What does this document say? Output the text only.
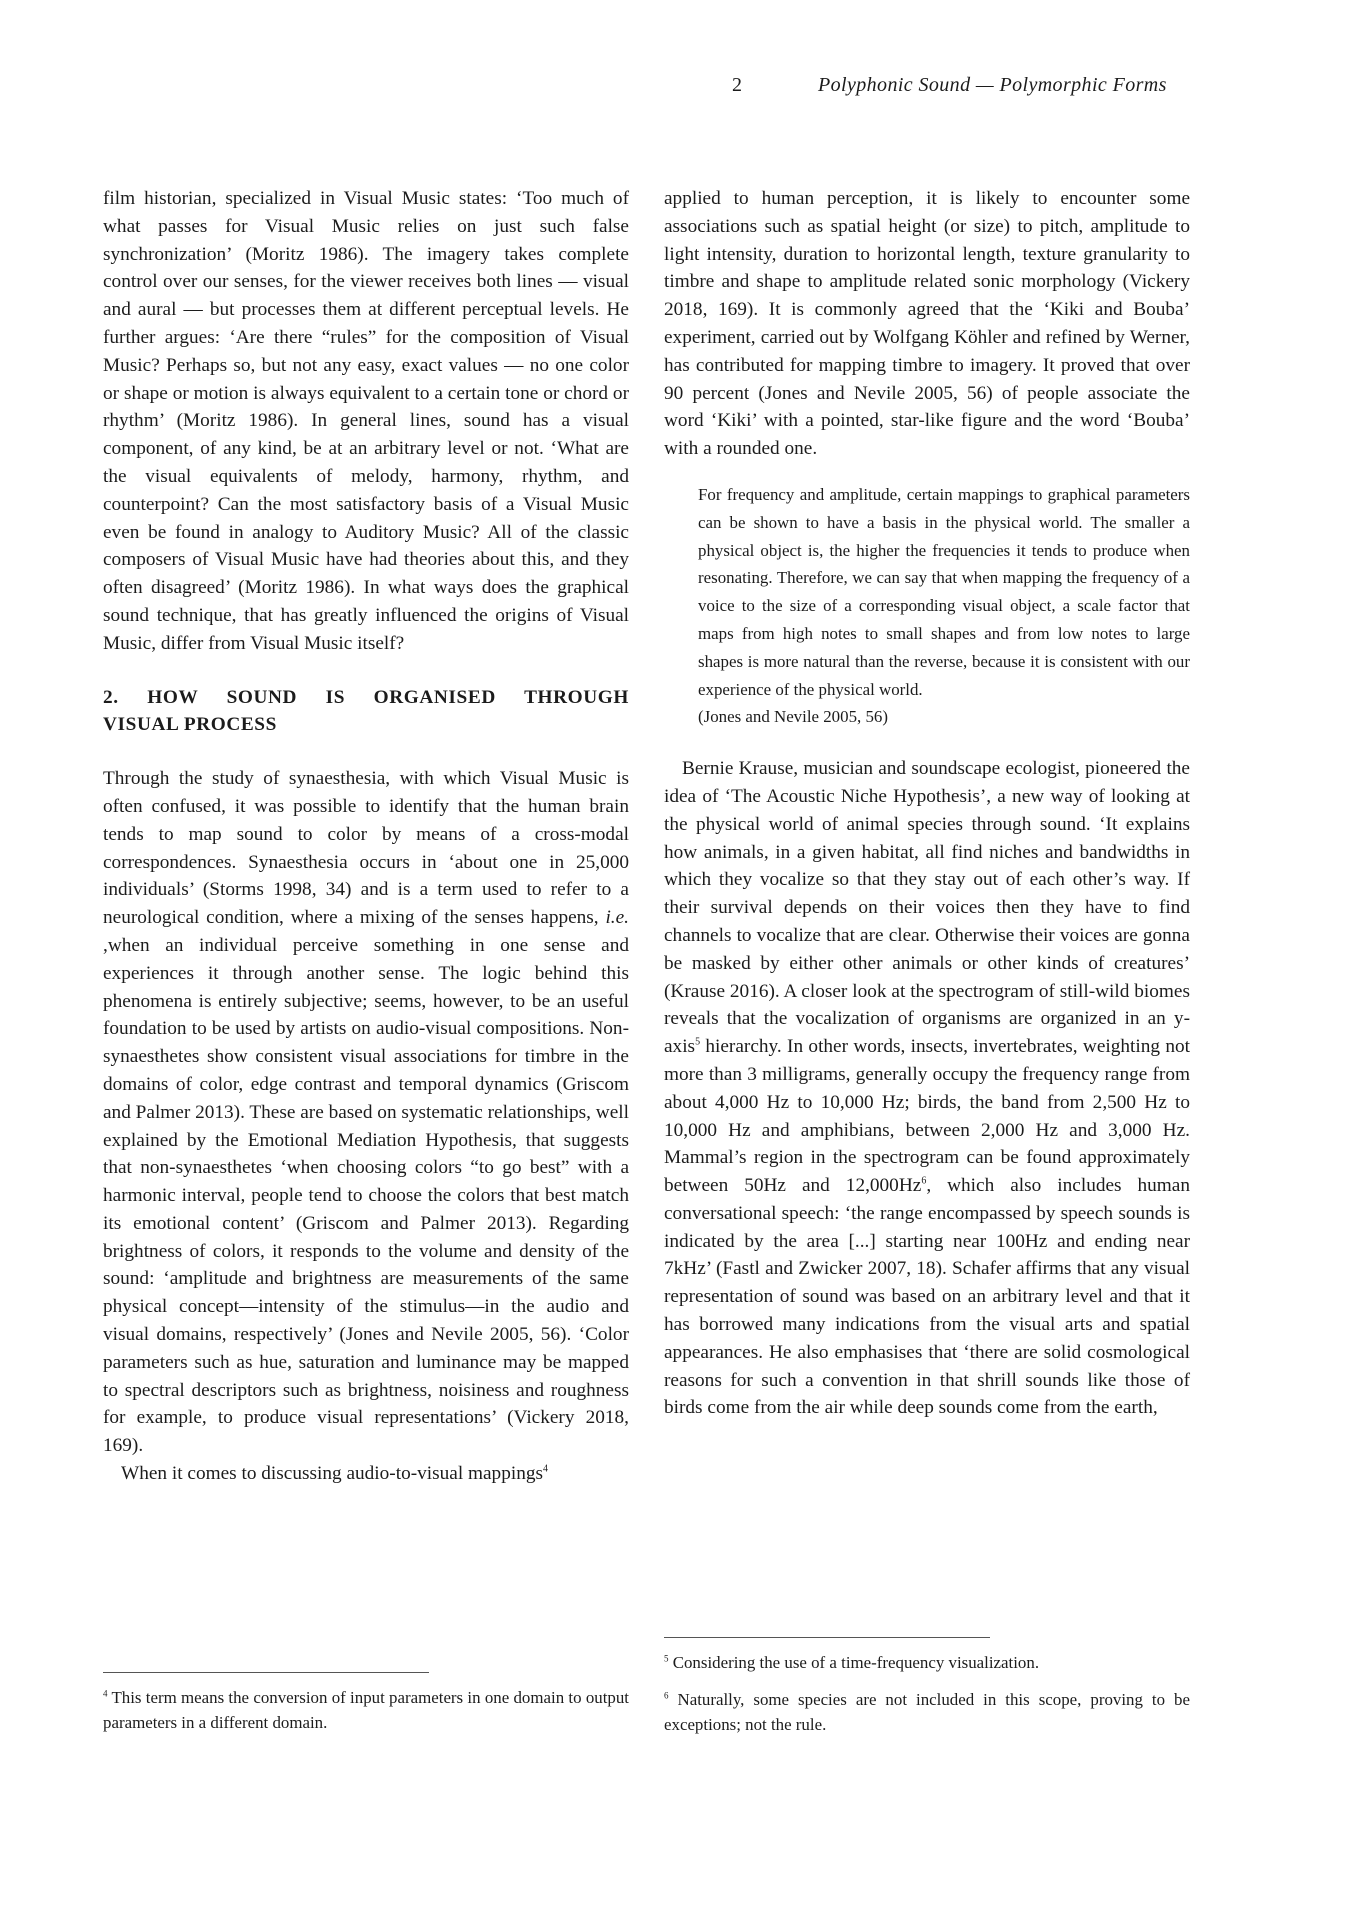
2	Polyphonic Sound — Polymorphic Forms

film historian, specialized in Visual Music states: ‘Too much of what passes for Visual Music relies on just such false synchronization’ (Moritz 1986). The imagery takes complete control over our senses, for the viewer receives both lines — visual and aural — but processes them at different perceptual levels. He further argues: ‘Are there “rules” for the composition of Visual Music? Perhaps so, but not any easy, exact values — no one color or shape or motion is always equivalent to a certain tone or chord or rhythm’ (Moritz 1986). In general lines, sound has a visual component, of any kind, be at an arbitrary level or not. ‘What are the visual equivalents of melody, harmony, rhythm, and counterpoint? Can the most satisfactory basis of a Visual Music even be found in analogy to Auditory Music? All of the classic composers of Visual Music have had theories about this, and they often disagreed’ (Moritz 1986). In what ways does the graphical sound technique, that has greatly influenced the origins of Visual Music, differ from Visual Music itself?

2. HOW SOUND IS ORGANISED THROUGH
VISUAL PROCESS

Through the study of synaesthesia, with which Visual Music is often confused, it was possible to identify that the human brain tends to map sound to color by means of a cross-modal correspondences. Synaesthesia occurs in ‘about one in 25,000 individuals’ (Storms 1998, 34) and is a term used to refer to a neurological condition, where a mixing of the senses happens, i.e. ,when an individual perceive something in one sense and experiences it through another sense. The logic behind this phenomena is entirely subjective; seems, however, to be an useful foundation to be used by artists on audio-visual compositions. Non-synaesthetes show consistent visual associations for timbre in the domains of color, edge contrast and temporal dynamics (Griscom and Palmer 2013). These are based on systematic relationships, well explained by the Emotional Mediation Hypothesis, that suggests that non-synaesthetes ‘when choosing colors “to go best” with a harmonic interval, people tend to choose the colors that best match its emotional content’ (Griscom and Palmer 2013). Regarding brightness of colors, it responds to the volume and density of the sound: ‘amplitude and brightness are measurements of the same physical concept—intensity of the stimulus—in the audio and visual domains, respectively’ (Jones and Nevile 2005, 56). ‘Color parameters such as hue, saturation and luminance may be mapped to spectral descriptors such as brightness, noisiness and roughness for example, to produce visual representations’ (Vickery 2018, 169).

When it comes to discussing audio-to-visual mappings$^4$

applied to human perception, it is likely to encounter some associations such as spatial height (or size) to pitch, amplitude to light intensity, duration to horizontal length, texture granularity to timbre and shape to amplitude related sonic morphology (Vickery 2018, 169). It is commonly agreed that the ‘Kiki and Bouba’ experiment, carried out by Wolfgang Köhler and refined by Werner, has contributed for mapping timbre to imagery. It proved that over 90 percent (Jones and Nevile 2005, 56) of people associate the word ‘Kiki’ with a pointed, star-like figure and the word ‘Bouba’ with a rounded one.

For frequency and amplitude, certain mappings to graphical parameters can be shown to have a basis in the physical world. The smaller a physical object is, the higher the frequencies it tends to produce when resonating. Therefore, we can say that when mapping the frequency of a voice to the size of a corresponding visual object, a scale factor that maps from high notes to small shapes and from low notes to large shapes is more natural than the reverse, because it is consistent with our experience of the physical world.
(Jones and Nevile 2005, 56)

Bernie Krause, musician and soundscape ecologist, pioneered the idea of ‘The Acoustic Niche Hypothesis’, a new way of looking at the physical world of animal species through sound. ‘It explains how animals, in a given habitat, all find niches and bandwidths in which they vocalize so that they stay out of each other’s way. If their survival depends on their voices then they have to find channels to vocalize that are clear. Otherwise their voices are gonna be masked by either other animals or other kinds of creatures’ (Krause 2016). A closer look at the spectrogram of still-wild biomes reveals that the vocalization of organisms are organized in an y-axis$^5$ hierarchy. In other words, insects, invertebrates, weighting not more than 3 milligrams, generally occupy the frequency range from about 4,000 Hz to 10,000 Hz; birds, the band from 2,500 Hz to 10,000 Hz and amphibians, between 2,000 Hz and 3,000 Hz. Mammal’s region in the spectrogram can be found approximately between 50Hz and 12,000Hz$^6$, which also includes human conversational speech: ‘the range encompassed by speech sounds is indicated by the area [...] starting near 100Hz and ending near 7kHz’ (Fastl and Zwicker 2007, 18). Schafer affirms that any visual representation of sound was based on an arbitrary level and that it has borrowed many indications from the visual arts and spatial appearances. He also emphasises that ‘there are solid cosmological reasons for such a convention in that shrill sounds like those of birds come from the air while deep sounds come from the earth,

$^4$ This term means the conversion of input parameters in one domain to output parameters in a different domain.

$^5$ Considering the use of a time-frequency visualization.

$^6$ Naturally, some species are not included in this scope, proving to be exceptions; not the rule.
